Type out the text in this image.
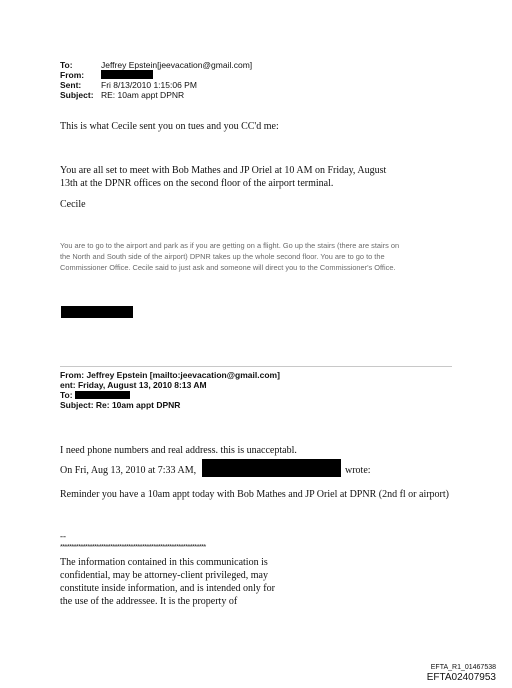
To:	Jeffrey Epstein[jeevacation@gmail.com]
From:
Sent: Fri 8/13/2010 1:15:06 PM
Subject: RE: 10am appt DPNR
This is what Cecile sent you on tues and you CC'd me:
You are all set to meet with Bob Mathes and JP Oriel at 10 AM on Friday, August
13th at the DPNR offices on the second floor of the airport terminal.
Cecile
You are to go to the airport and park as if you are getting on a flight. Go up the stairs (there are stairs on
the North and South side of the airport) DPNR takes up the whole second floor. You are to go to the
Commissioner Office. Cecile said to just ask and someone will direct you to the Commissioner's Office.
From: Jeffrey Epstein [mailto:jeevacation@gmail.com]
ent: Friday, August 13, 2010 8:13 AM
To:
Subject: Re: 10am appt DPNR
I need phone numbers and real address. this is unacceptabl.
On Fri, Aug 13, 2010 at 7:33 AM,	wrote:
Reminder you have a 10am appt today with Bob Mathes and JP Oriel at DPNR (2nd fl or airport)
--
****************************************************************
The information contained in this communication is
confidential, may be attorney-client privileged, may
constitute inside information, and is intended only for
the use of the addressee. It is the property of
EFTA_R1_01467538
EFTA02407953
